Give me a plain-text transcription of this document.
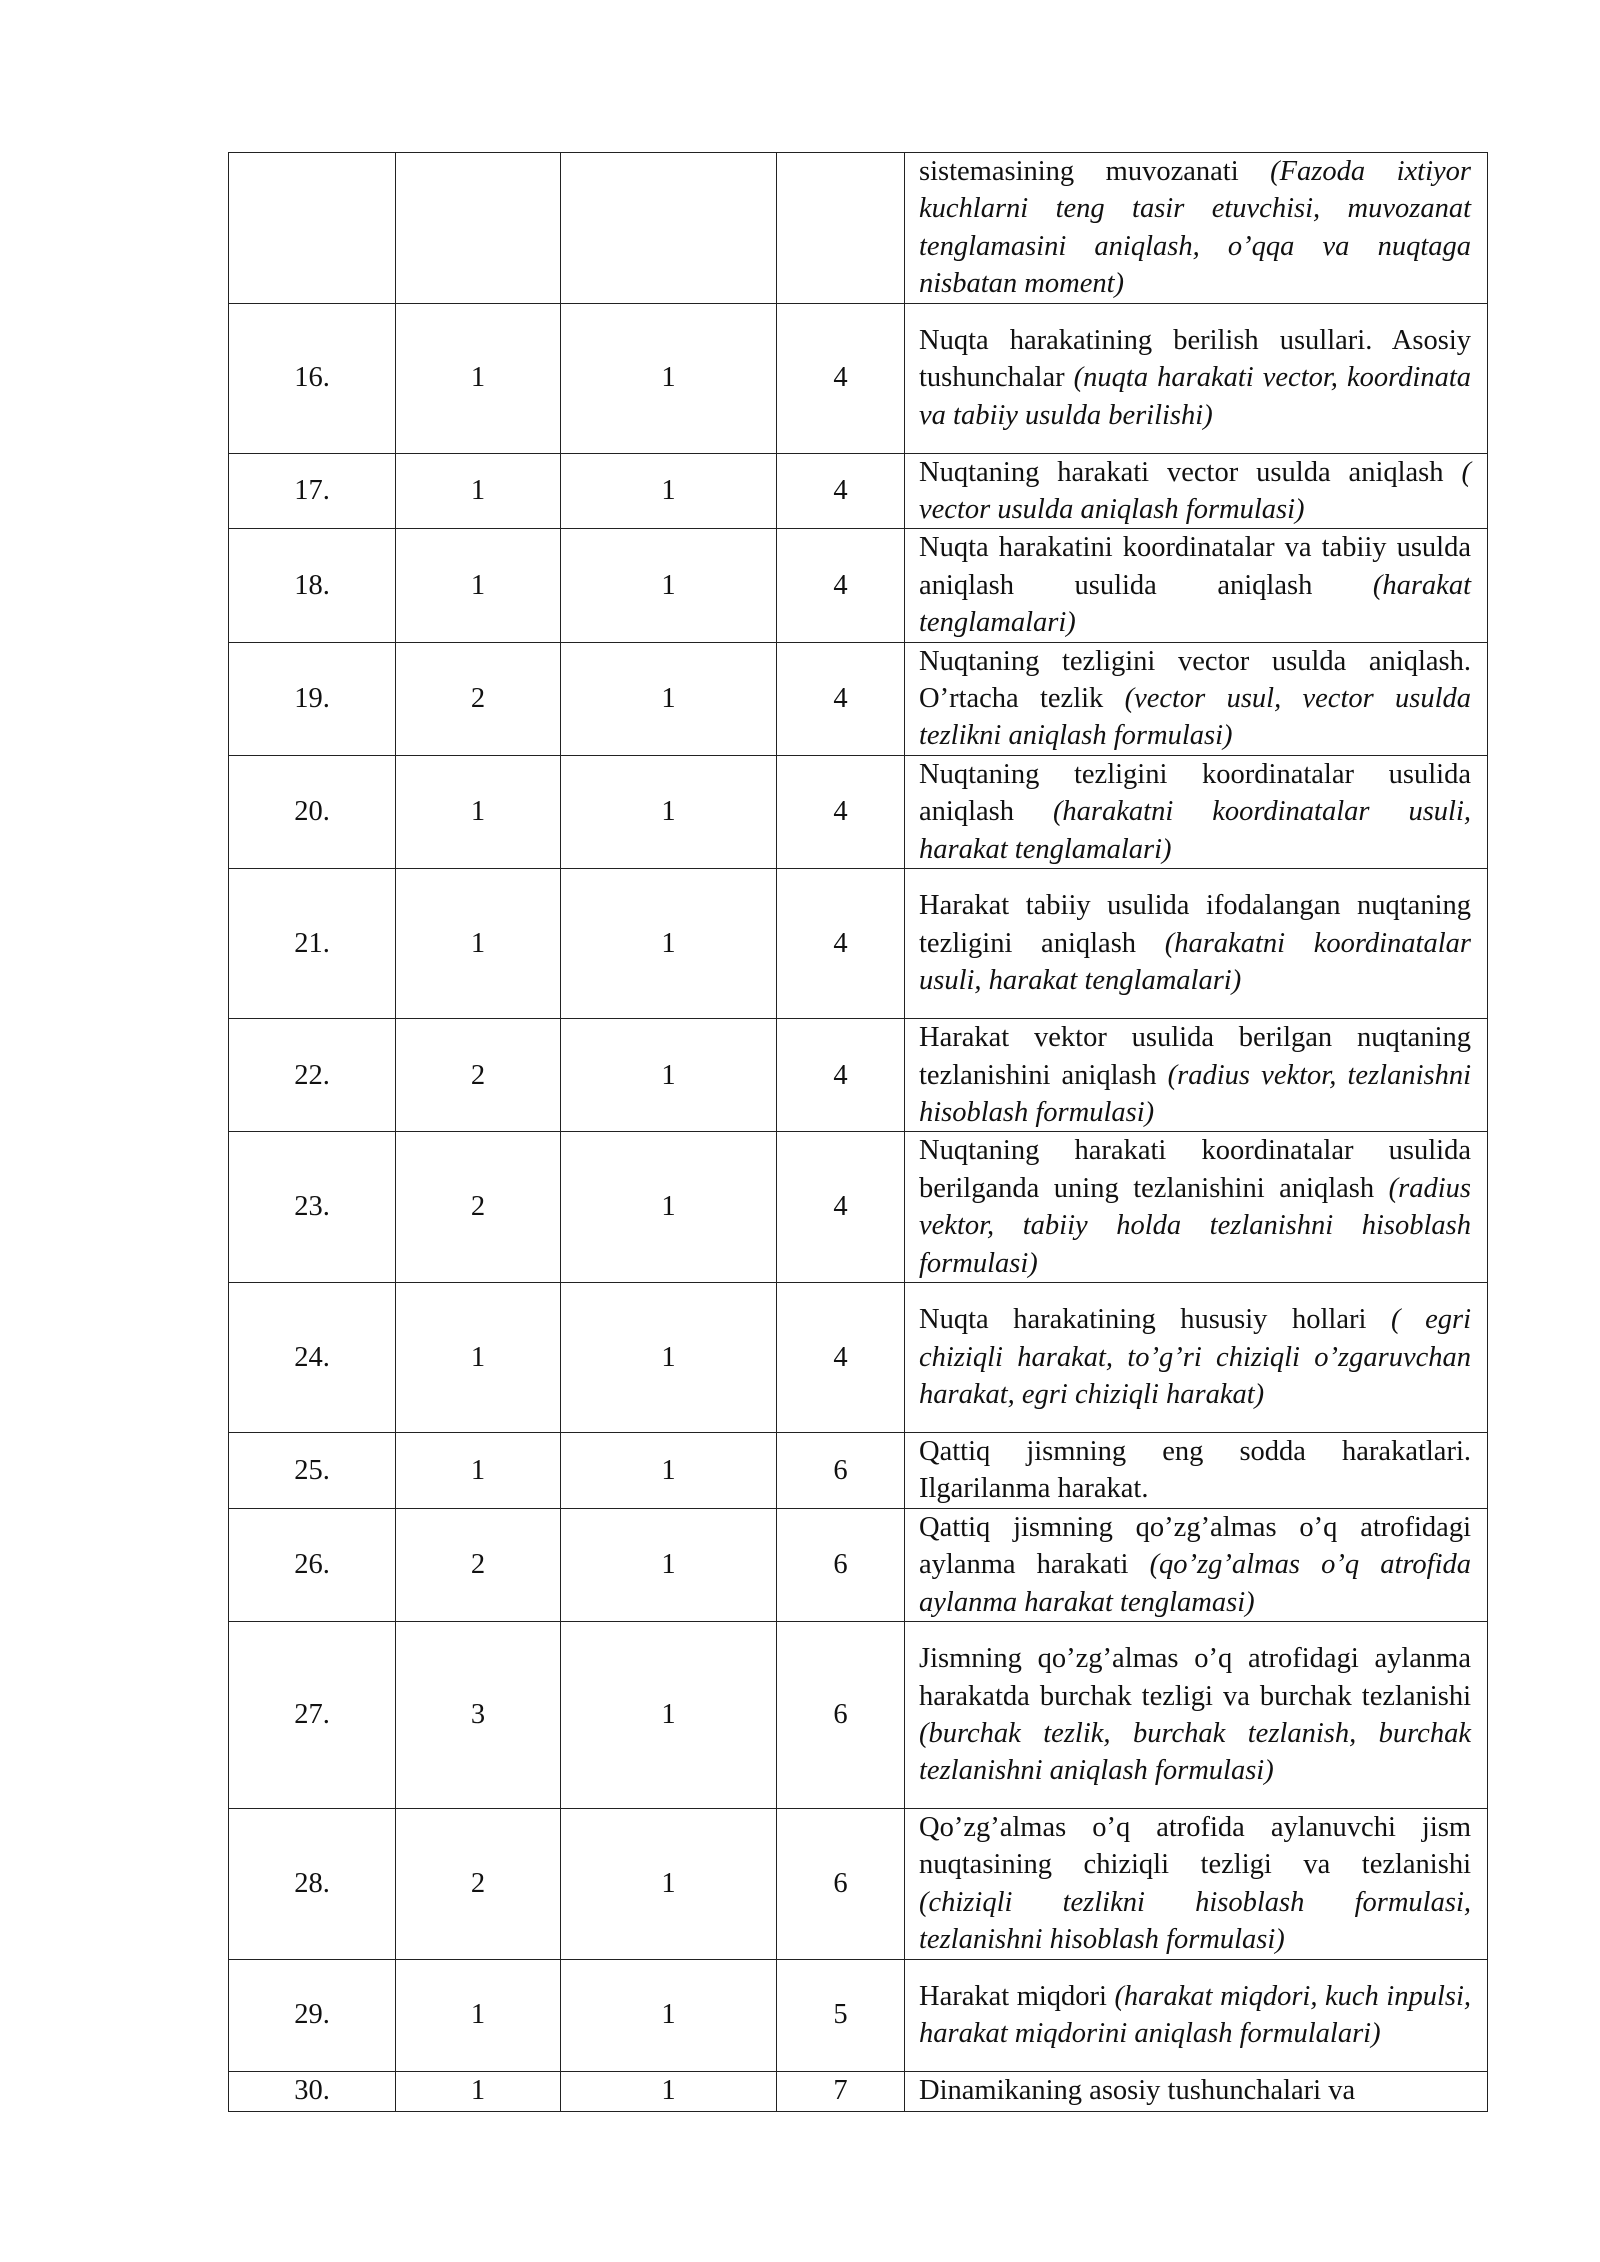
				sistemasining muvozanati (Fazoda ixtiyor kuchlarni teng tasir etuvchisi, muvozanat tenglamasini aniqlash, o’qqa va nuqtaga nisbatan moment)

16.	1	1	4	Nuqta harakatining berilish usullari. Asosiy tushunchalar (nuqta harakati vector, koordinata va tabiiy usulda berilishi)

17.	1	1	4	Nuqtaning harakati vector usulda aniqlash ( vector usulda aniqlash formulasi)

18.	1	1	4	Nuqta harakatini koordinatalar va tabiiy usulda aniqlash usulida aniqlash (harakat tenglamalari)

19.	2	1	4	Nuqtaning tezligini vector usulda aniqlash. O’rtacha tezlik (vector usul, vector usulda tezlikni aniqlash formulasi)

20.	1	1	4	Nuqtaning tezligini koordinatalar usulida aniqlash (harakatni koordinatalar usuli, harakat tenglamalari)

21.	1	1	4	Harakat tabiiy usulida ifodalangan nuqtaning tezligini aniqlash (harakatni koordinatalar usuli, harakat tenglamalari)

22.	2	1	4	Harakat vektor usulida berilgan nuqtaning tezlanishini aniqlash (radius vektor, tezlanishni hisoblash formulasi)

23.	2	1	4	Nuqtaning harakati koordinatalar usulida berilganda uning tezlanishini aniqlash (radius vektor, tabiiy holda tezlanishni hisoblash formulasi)

24.	1	1	4	Nuqta harakatining hususiy hollari ( egri chiziqli harakat, to’g’ri chiziqli o’zgaruvchan harakat, egri chiziqli harakat)

25.	1	1	6	Qattiq jismning eng sodda harakatlari. Ilgarilanma harakat.

26.	2	1	6	Qattiq jismning qo’zg’almas o’q atrofidagi aylanma harakati (qo’zg’almas o’q atrofida aylanma harakat tenglamasi)

27.	3	1	6	Jismning qo’zg’almas o’q atrofidagi aylanma harakatda burchak tezligi va burchak tezlanishi (burchak tezlik, burchak tezlanish, burchak tezlanishni aniqlash formulasi)

28.	2	1	6	Qo’zg’almas o’q atrofida aylanuvchi jism nuqtasining chiziqli tezligi va tezlanishi (chiziqli tezlikni hisoblash formulasi, tezlanishni hisoblash formulasi)

29.	1	1	5	Harakat miqdori (harakat miqdori, kuch inpulsi, harakat miqdorini aniqlash formulalari)

30.	1	1	7	Dinamikaning asosiy tushunchalari va
